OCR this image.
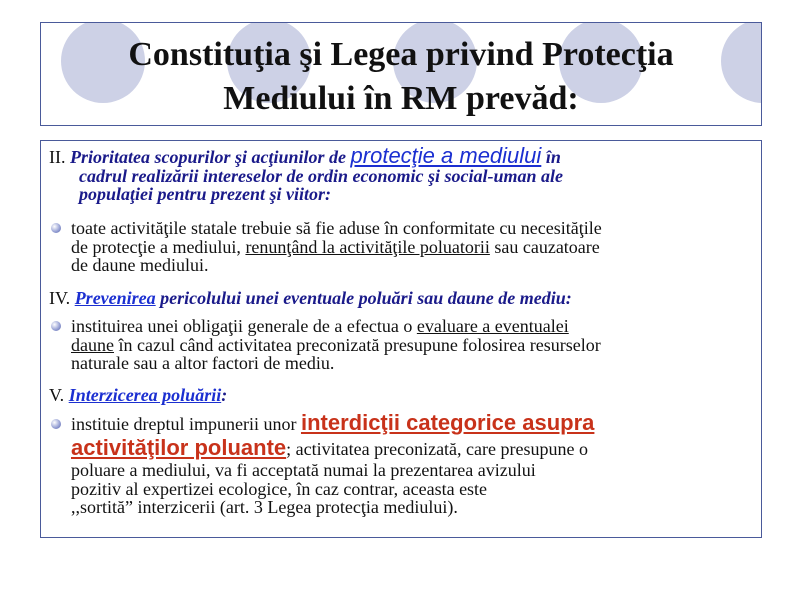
Constituţia şi Legea privind Protecţia
Mediului în RM prevăd:
II. Prioritatea scopurilor şi acţiunilor de protecţie a mediului în
cadrul realizării intereselor de ordin economic şi social-uman ale
populaţiei pentru prezent şi viitor:
toate activităţile statale trebuie să fie aduse în conformitate cu necesităţile
de protecţie a mediului, renunţând la activităţile poluatorii sau cauzatoare
de daune mediului.
IV. Prevenirea pericolului unei eventuale poluări sau daune de mediu:
instituirea unei obligaţii generale de a efectua o evaluare a eventualei
daune în cazul când activitatea preconizată presupune folosirea resurselor
naturale sau a altor factori de mediu.
V. Interzicerea poluării:
instituie dreptul impunerii unor interdicţii categorice asupra
activităţilor poluante; activitatea preconizată, care presupune o
poluare a mediului, va fi acceptată numai la prezentarea avizului
pozitiv al expertizei ecologice, în caz contrar, aceasta este
,,sortită” interzicerii (art. 3 Legea protecţia mediului).
